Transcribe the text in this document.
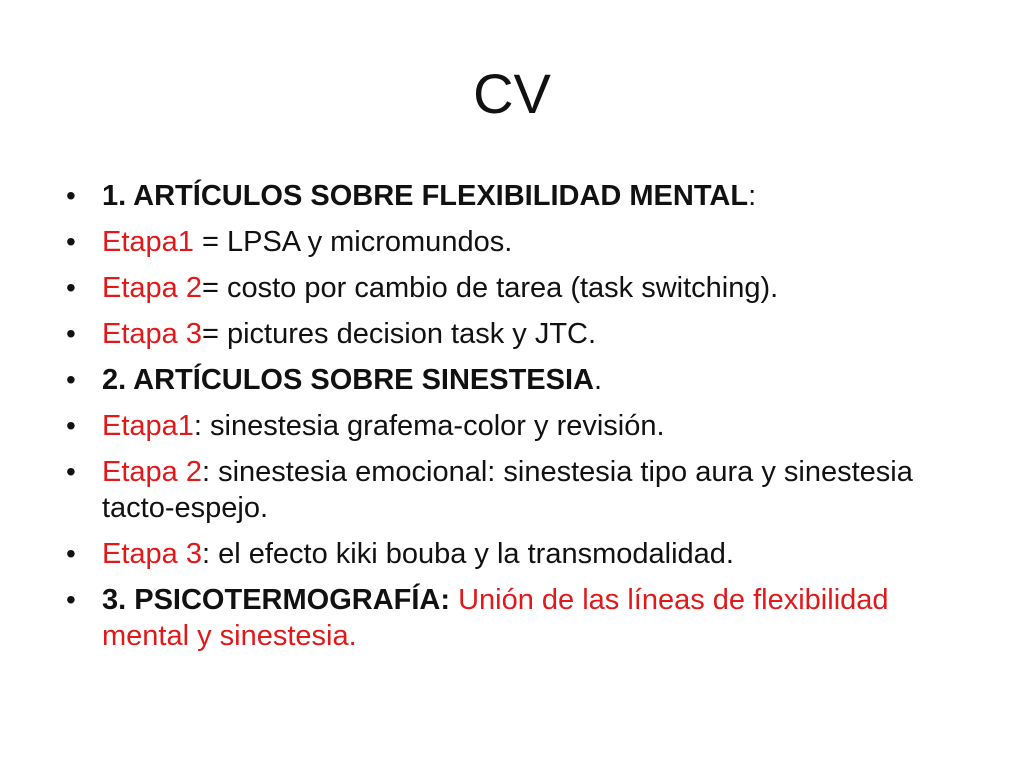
CV
• 1. ARTÍCULOS SOBRE FLEXIBILIDAD MENTAL:
• Etapa1 = LPSA y micromundos.
• Etapa 2= costo por cambio de tarea (task switching).
• Etapa 3= pictures decision task y JTC.
• 2. ARTÍCULOS SOBRE SINESTESIA.
• Etapa1: sinestesia grafema-color y revisión.
• Etapa 2: sinestesia emocional: sinestesia tipo aura y sinestesia tacto-espejo.
• Etapa 3: el efecto kiki bouba y la transmodalidad.
• 3. PSICOTERMOGRAFÍA: Unión de las líneas de flexibilidad mental y sinestesia.
